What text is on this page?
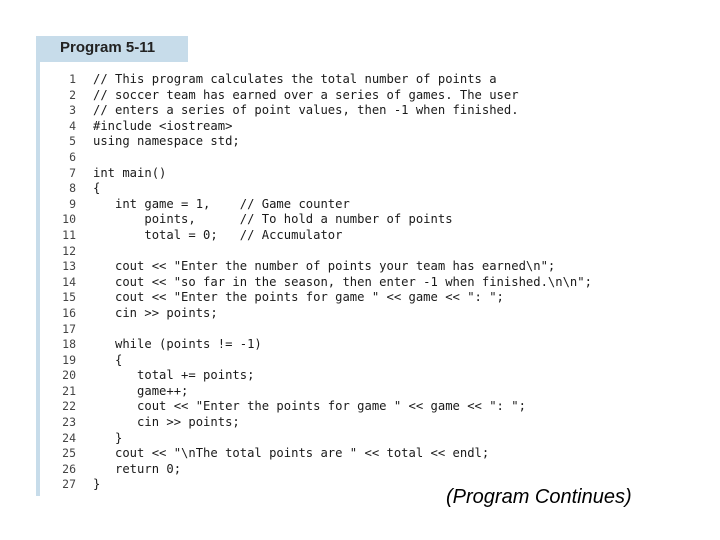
Program 5-11
1 // This program calculates the total number of points a
2 // soccer team has earned over a series of games. The user
3 // enters a series of point values, then -1 when finished.
4 #include <iostream>
5 using namespace std;
6
7 int main()
8 {
9 int game = 1,    // Game counter
10 points,      // To hold a number of points
11 total = 0;   // Accumulator
12
13 cout << "Enter the number of points your team has earned\n";
14 cout << "so far in the season, then enter -1 when finished.\n\n";
15 cout << "Enter the points for game " << game << ": ";
16 cin >> points;
17
18 while (points != -1)
19 {
20 total += points;
21 game++;
22 cout << "Enter the points for game " << game << ": ";
23 cin >> points;
24 }
25 cout << "\nThe total points are " << total << endl;
26 return 0;
27 }
(Program Continues)
